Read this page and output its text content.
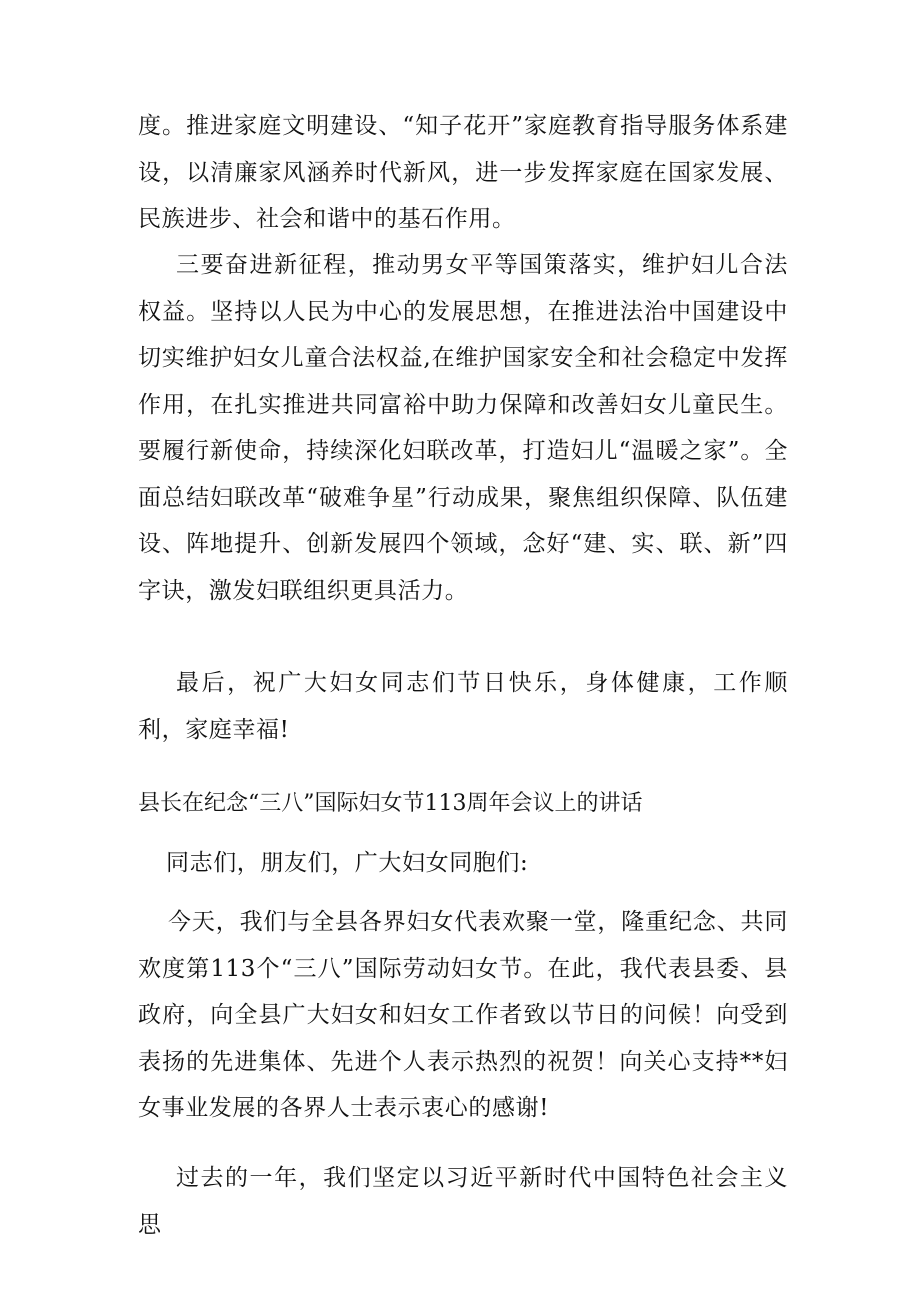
度。推进家庭文明建设、“知子花开”家庭教育指导服务体系建设，以清廉家风涵养时代新风，进一步发挥家庭在国家发展、民族进步、社会和谐中的基石作用。

三要奋进新征程，推动男女平等国策落实，维护妇儿合法权益。坚持以人民为中心的发展思想，在推进法治中国建设中切实维护妇女儿童合法权益,在维护国家安全和社会稳定中发挥作用，在扎实推进共同富裕中助力保障和改善妇女儿童民生。要履行新使命，持续深化妇联改革，打造妇儿“温暖之家”。全面总结妇联改革“破难争星”行动成果，聚焦组织保障、队伍建设、阵地提升、创新发展四个领域，念好“建、实、联、新”四字诀，激发妇联组织更具活力。

最后，祝广大妇女同志们节日快乐，身体健康，工作顺利，家庭幸福!

县长在纪念“三八”国际妇女节113周年会议上的讲话

同志们，朋友们，广大妇女同胞们:

今天，我们与全县各界妇女代表欢聚一堂，隆重纪念、共同欢度第113个“三八”国际劳动妇女节。在此，我代表县委、县政府，向全县广大妇女和妇女工作者致以节日的问候！向受到表扬的先进集体、先进个人表示热烈的祝贺！向关心支持**妇女事业发展的各界人士表示衷心的感谢!

过去的一年，我们坚定以习近平新时代中国特色社会主义思
